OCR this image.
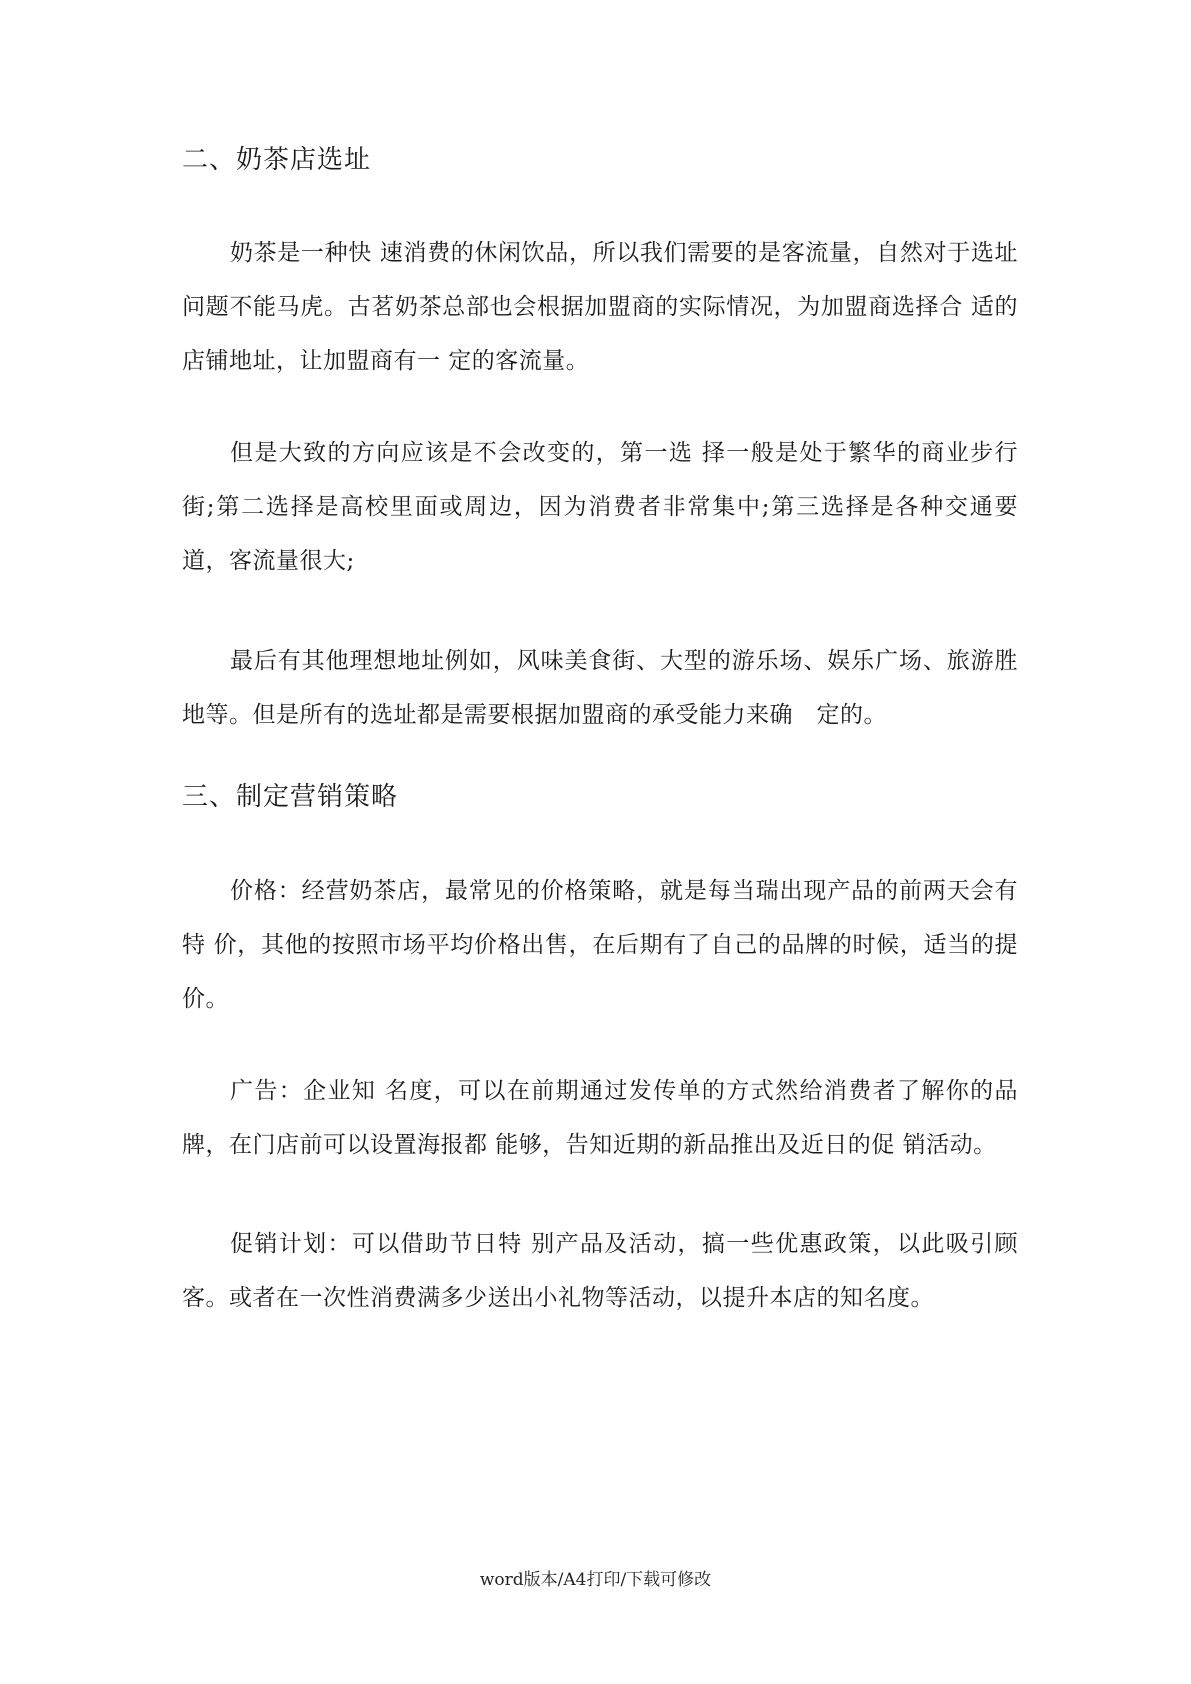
二、奶茶店选址
奶茶是一种快 速消费的休闲饮品，所以我们需要的是客流量，自然对于选址问题不能马虎。古茗奶茶总部也会根据加盟商的实际情况，为加盟商选择合 适的店铺地址，让加盟商有一 定的客流量。
但是大致的方向应该是不会改变的，第一选 择一般是处于繁华的商业步行街;第二选择是高校里面或周边，因为消费者非常集中;第三选择是各种交通要道，客流量很大;
最后有其他理想地址例如，风味美食街、大型的游乐场、娱乐广场、旅游胜地等。但是所有的选址都是需要根据加盟商的承受能力来确　定的。
三、制定营销策略
价格：经营奶茶店，最常见的价格策略，就是每当瑞出现产品的前两天会有特 价，其他的按照市场平均价格出售，在后期有了自己的品牌的时候，适当的提价。
广告：企业知 名度，可以在前期通过发传单的方式然给消费者了解你的品牌，在门店前可以设置海报都 能够，告知近期的新品推出及近日的促 销活动。
促销计划：可以借助节日特 别产品及活动，搞一些优惠政策，以此吸引顾客。或者在一次性消费满多少送出小礼物等活动，以提升本店的知名度。
word版本/A4打印/下载可修改
